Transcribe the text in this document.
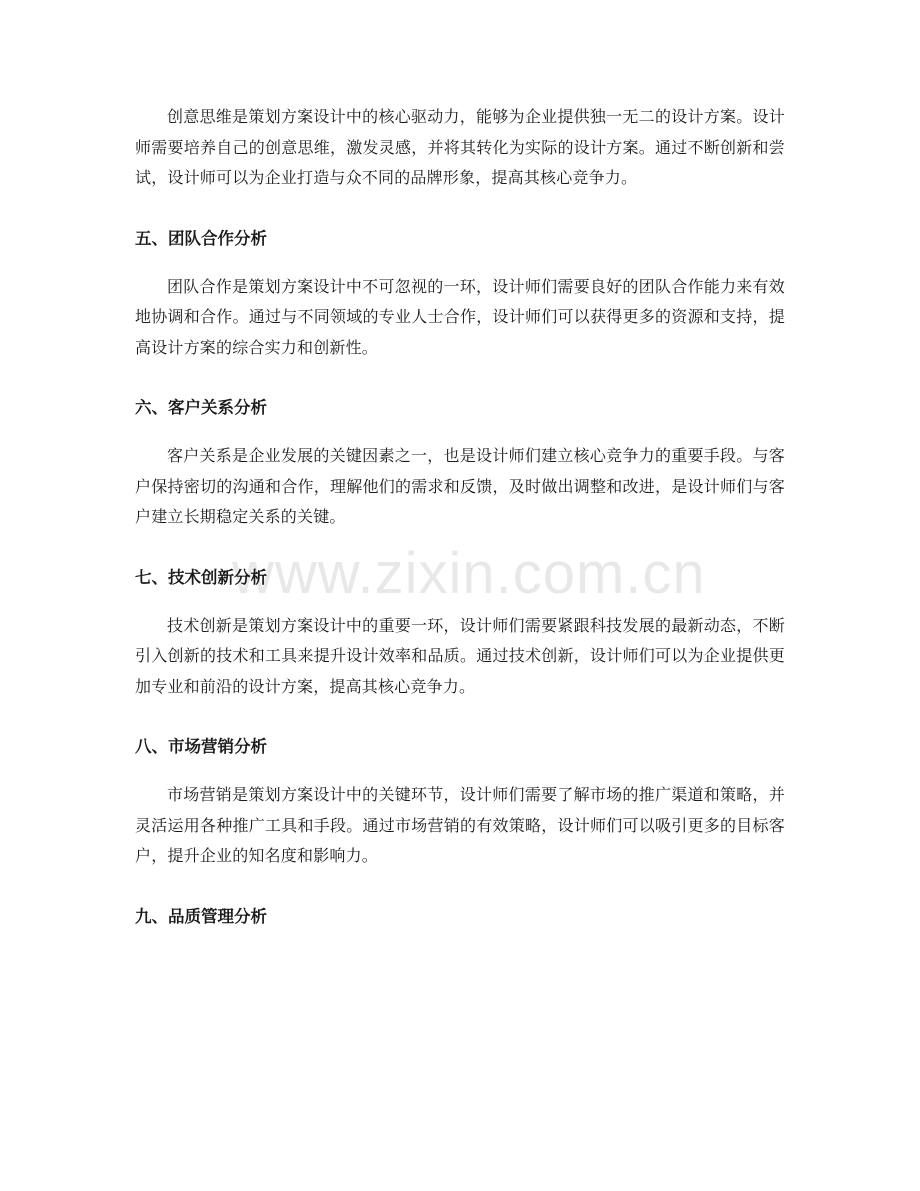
创意思维是策划方案设计中的核心驱动力，能够为企业提供独一无二的设计方案。设计师需要培养自己的创意思维，激发灵感，并将其转化为实际的设计方案。通过不断创新和尝试，设计师可以为企业打造与众不同的品牌形象，提高其核心竞争力。

五、团队合作分析

团队合作是策划方案设计中不可忽视的一环，设计师们需要良好的团队合作能力来有效地协调和合作。通过与不同领域的专业人士合作，设计师们可以获得更多的资源和支持，提高设计方案的综合实力和创新性。

六、客户关系分析

客户关系是企业发展的关键因素之一，也是设计师们建立核心竞争力的重要手段。与客户保持密切的沟通和合作，理解他们的需求和反馈，及时做出调整和改进，是设计师们与客户建立长期稳定关系的关键。

七、技术创新分析

技术创新是策划方案设计中的重要一环，设计师们需要紧跟科技发展的最新动态，不断引入创新的技术和工具来提升设计效率和品质。通过技术创新，设计师们可以为企业提供更加专业和前沿的设计方案，提高其核心竞争力。

八、市场营销分析

市场营销是策划方案设计中的关键环节，设计师们需要了解市场的推广渠道和策略，并灵活运用各种推广工具和手段。通过市场营销的有效策略，设计师们可以吸引更多的目标客户，提升企业的知名度和影响力。

九、品质管理分析
www.zixin.com.cn
